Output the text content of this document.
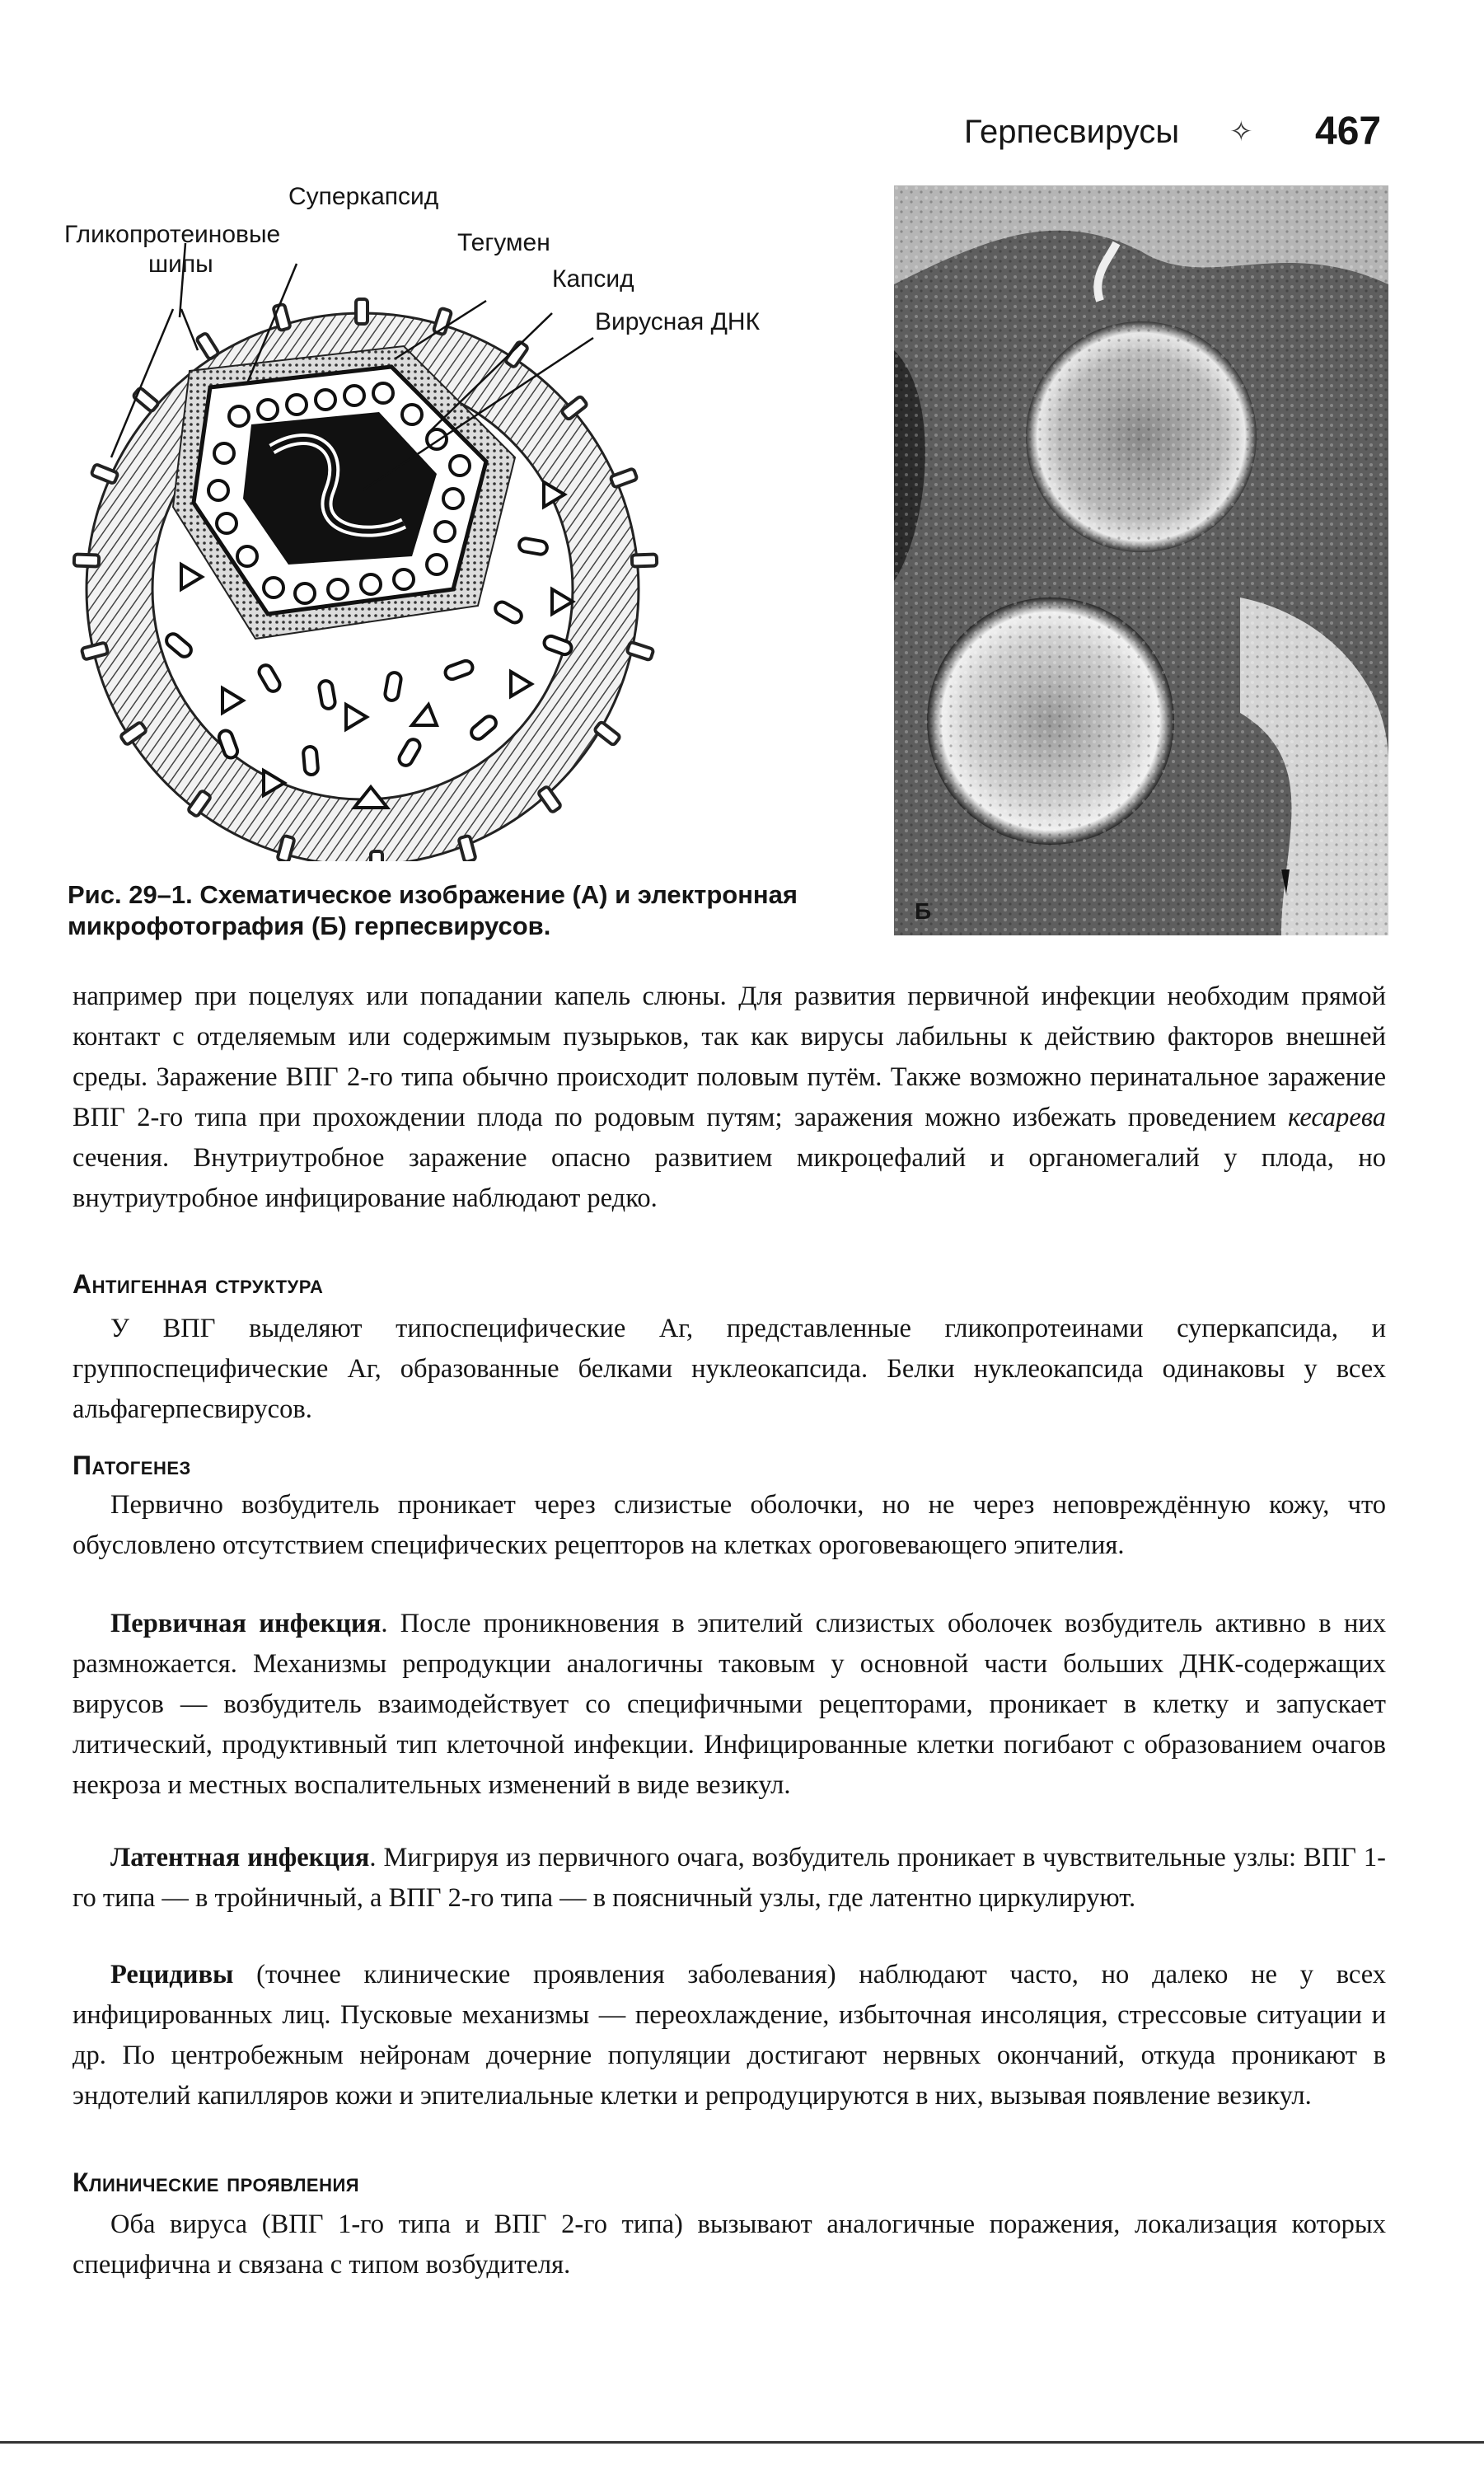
Герпесвирусы ✧ 467
Суперкапсид
Гликопротеиновые
шипы
Тегумен
Капсид
Вирусная ДНК
Б
Рис. 29–1. Схематическое изображение (А) и электронная микрофотография (Б) герпесвирусов.

например при поцелуях или попадании капель слюны. Для развития первичной инфекции необходим прямой контакт с отделяемым или содержимым пузырьков, так как вирусы лабильны к действию факторов внешней среды. Заражение ВПГ 2-го типа обычно происходит половым путём. Также возможно перинатальное заражение ВПГ 2-го типа при прохождении плода по родовым путям; заражения можно избежать проведением кесарева сечения. Внутриутробное заражение опасно развитием микроцефалий и органомегалий у плода, но внутриутробное инфицирование наблюдают редко.

Антигенная структура
У ВПГ выделяют типоспецифические Аг, представленные гликопротеинами суперкапсида, и группоспецифические Аг, образованные белками нуклеокапсида. Белки нуклеокапсида одинаковы у всех альфагерпесвирусов.
Патогенез
Первично возбудитель проникает через слизистые оболочки, но не через неповреждённую кожу, что обусловлено отсутствием специфических рецепторов на клетках ороговевающего эпителия.
Первичная инфекция. После проникновения в эпителий слизистых оболочек возбудитель активно в них размножается. Механизмы репродукции аналогичны таковым у основной части больших ДНК-содержащих вирусов — возбудитель взаимодействует со специфичными рецепторами, проникает в клетку и запускает литический, продуктивный тип клеточной инфекции. Инфицированные клетки погибают с образованием очагов некроза и местных воспалительных изменений в виде везикул.
Латентная инфекция. Мигрируя из первичного очага, возбудитель проникает в чувствительные узлы: ВПГ 1-го типа — в тройничный, а ВПГ 2-го типа — в поясничный узлы, где латентно циркулируют.
Рецидивы (точнее клинические проявления заболевания) наблюдают часто, но далеко не у всех инфицированных лиц. Пусковые механизмы — переохлаждение, избыточная инсоляция, стрессовые ситуации и др. По центробежным нейронам дочерние популяции достигают нервных окончаний, откуда проникают в эндотелий капилляров кожи и эпителиальные клетки и репродуцируются в них, вызывая появление везикул.
Клинические проявления
Оба вируса (ВПГ 1-го типа и ВПГ 2-го типа) вызывают аналогичные поражения, локализация которых специфична и связана с типом возбудителя.
